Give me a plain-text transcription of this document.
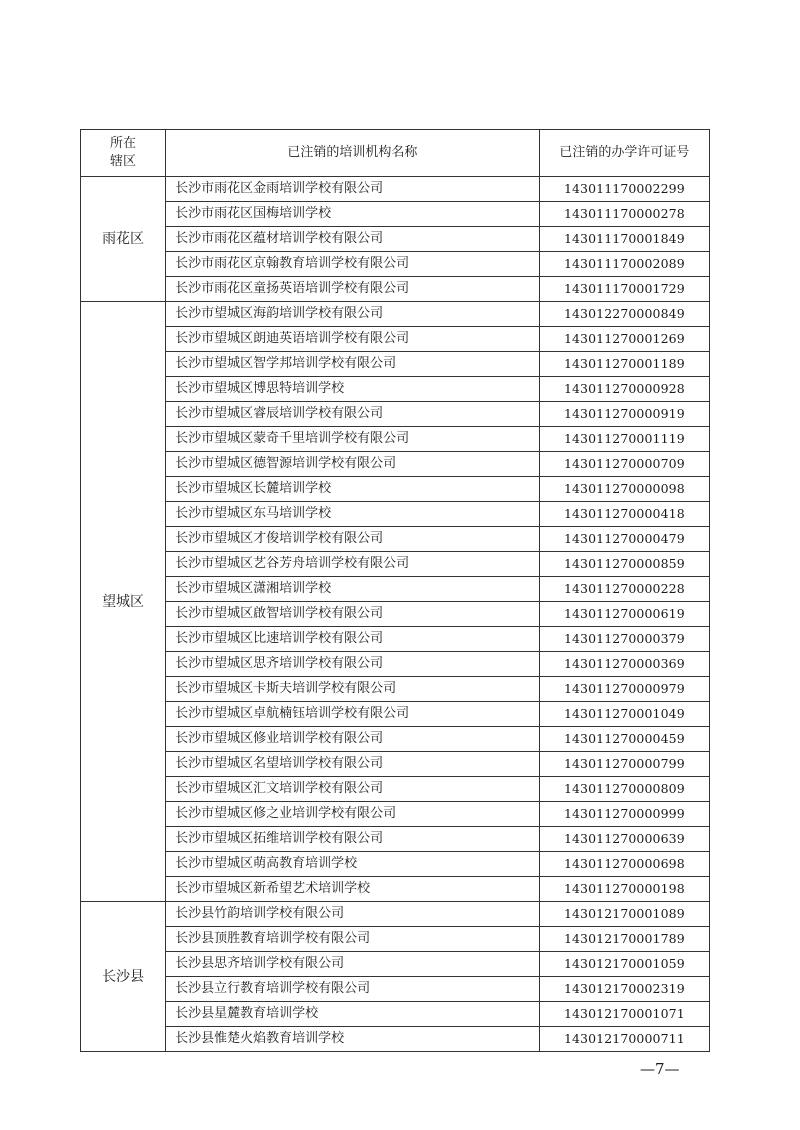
所在
辖区	已注销的培训机构名称	已注销的办学许可证号
雨花区	长沙市雨花区金雨培训学校有限公司	143011170002299
	长沙市雨花区国梅培训学校	143011170000278
	长沙市雨花区蕴材培训学校有限公司	143011170001849
	长沙市雨花区京翰教育培训学校有限公司	143011170002089
	长沙市雨花区童扬英语培训学校有限公司	143011170001729
望城区	长沙市望城区海韵培训学校有限公司	143012270000849
	长沙市望城区朗迪英语培训学校有限公司	143011270001269
	长沙市望城区智学邦培训学校有限公司	143011270001189
	长沙市望城区博思特培训学校	143011270000928
	长沙市望城区睿辰培训学校有限公司	143011270000919
	长沙市望城区蒙奇千里培训学校有限公司	143011270001119
	长沙市望城区德智源培训学校有限公司	143011270000709
	长沙市望城区长麓培训学校	143011270000098
	长沙市望城区东马培训学校	143011270000418
	长沙市望城区才俊培训学校有限公司	143011270000479
	长沙市望城区艺谷芳舟培训学校有限公司	143011270000859
	长沙市望城区潇湘培训学校	143011270000228
	长沙市望城区啟智培训学校有限公司	143011270000619
	长沙市望城区比速培训学校有限公司	143011270000379
	长沙市望城区思齐培训学校有限公司	143011270000369
	长沙市望城区卡斯夫培训学校有限公司	143011270000979
	长沙市望城区卓航楠钰培训学校有限公司	143011270001049
	长沙市望城区修业培训学校有限公司	143011270000459
	长沙市望城区名望培训学校有限公司	143011270000799
	长沙市望城区汇文培训学校有限公司	143011270000809
	长沙市望城区修之业培训学校有限公司	143011270000999
	长沙市望城区拓维培训学校有限公司	143011270000639
	长沙市望城区萌高教育培训学校	143011270000698
	长沙市望城区新希望艺术培训学校	143011270000198
长沙县	长沙县竹韵培训学校有限公司	143012170001089
	长沙县顶胜教育培训学校有限公司	143012170001789
	长沙县思齐培训学校有限公司	143012170001059
	长沙县立行教育培训学校有限公司	143012170002319
	长沙县星麓教育培训学校	143012170001071
	长沙县惟楚火焰教育培训学校	143012170000711
—7—
